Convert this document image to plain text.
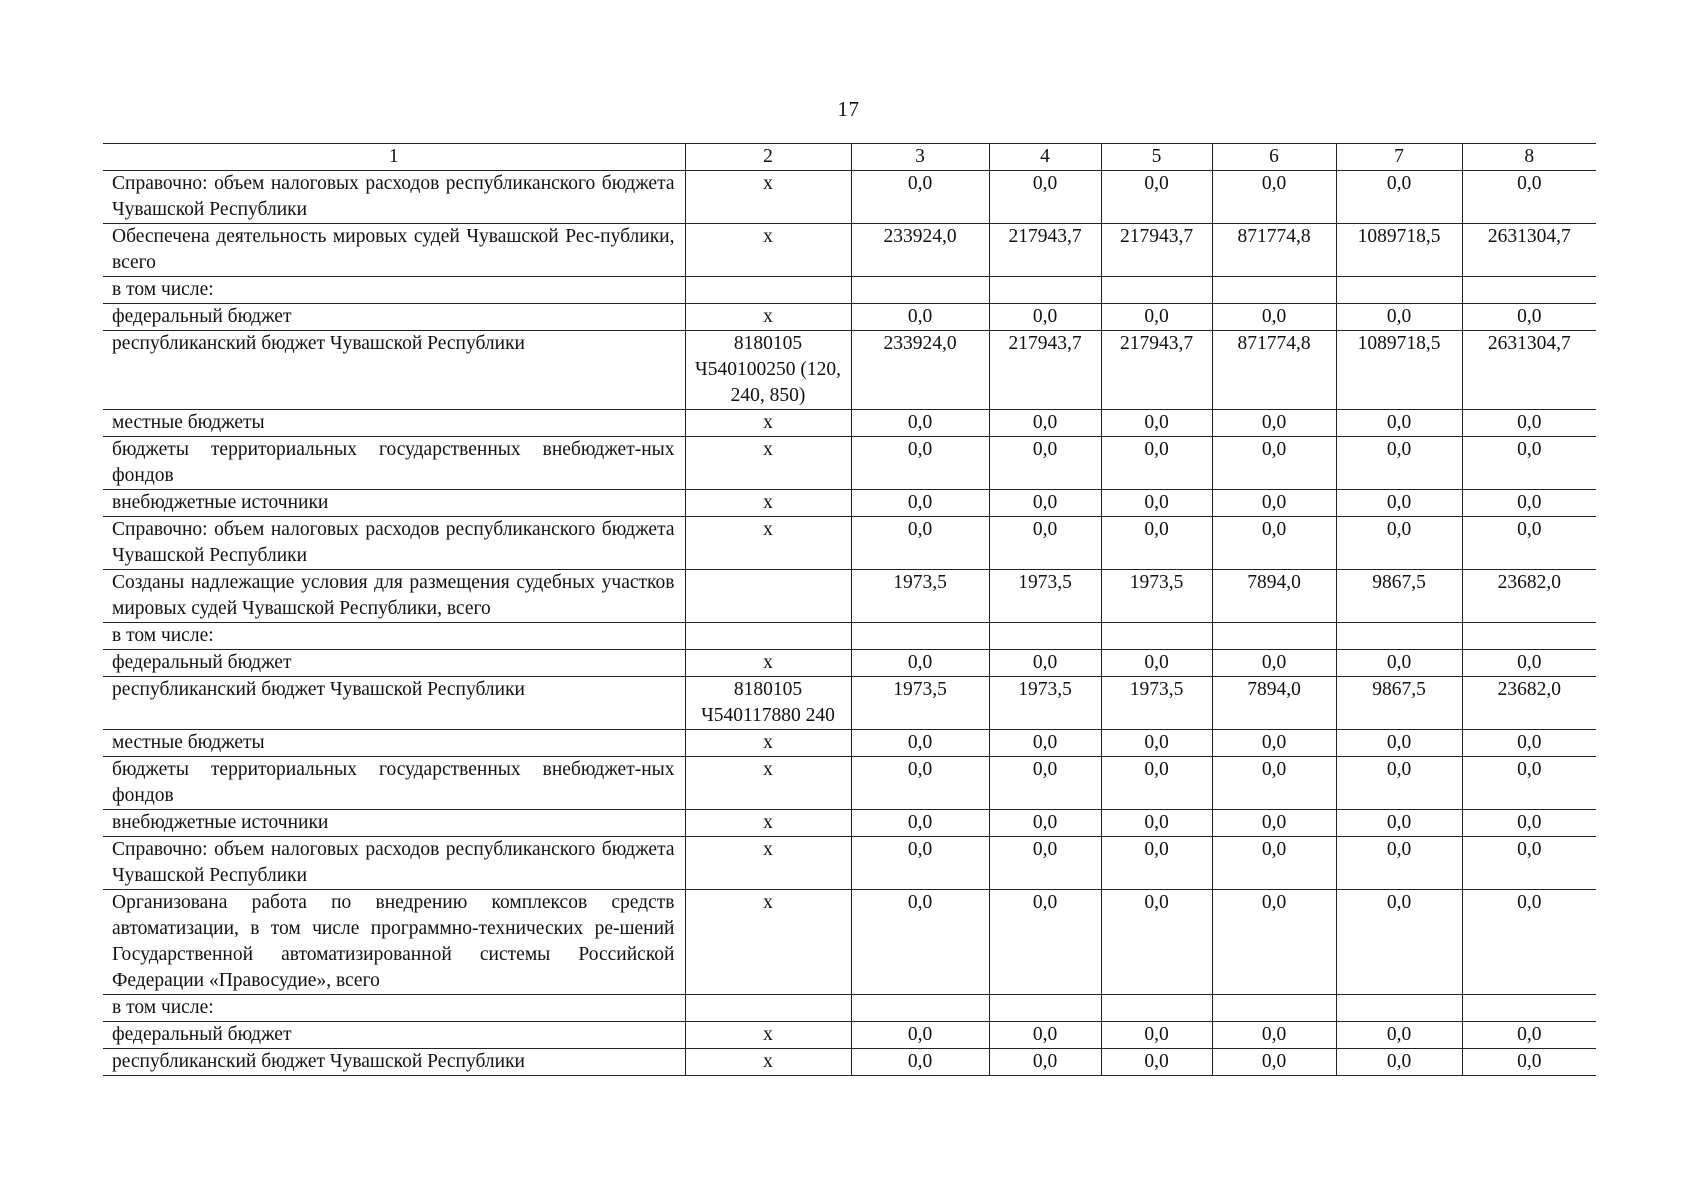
17
1	2	3	4	5	6	7	8
Справочно: объем налоговых расходов республиканского бюджета Чувашской Республики	х	0,0	0,0	0,0	0,0	0,0	0,0
Обеспечена деятельность мировых судей Чувашской Рес-публики, всего	х	233924,0	217943,7	217943,7	871774,8	1089718,5	2631304,7
в том числе:							
федеральный бюджет	х	0,0	0,0	0,0	0,0	0,0	0,0
республиканский бюджет Чувашской Республики	8180105 Ч540100250 (120, 240, 850)	233924,0	217943,7	217943,7	871774,8	1089718,5	2631304,7
местные бюджеты	х	0,0	0,0	0,0	0,0	0,0	0,0
бюджеты территориальных государственных внебюджет-ных фондов	х	0,0	0,0	0,0	0,0	0,0	0,0
внебюджетные источники	х	0,0	0,0	0,0	0,0	0,0	0,0
Справочно: объем налоговых расходов республиканского бюджета Чувашской Республики	х	0,0	0,0	0,0	0,0	0,0	0,0
Созданы надлежащие условия для размещения судебных участков мировых судей Чувашской Республики, всего		1973,5	1973,5	1973,5	7894,0	9867,5	23682,0
в том числе:							
федеральный бюджет	х	0,0	0,0	0,0	0,0	0,0	0,0
республиканский бюджет Чувашской Республики	8180105 Ч540117880 240	1973,5	1973,5	1973,5	7894,0	9867,5	23682,0
местные бюджеты	х	0,0	0,0	0,0	0,0	0,0	0,0
бюджеты территориальных государственных внебюджет-ных фондов	х	0,0	0,0	0,0	0,0	0,0	0,0
внебюджетные источники	х	0,0	0,0	0,0	0,0	0,0	0,0
Справочно: объем налоговых расходов республиканского бюджета Чувашской Республики	х	0,0	0,0	0,0	0,0	0,0	0,0
Организована работа по внедрению комплексов средств автоматизации, в том числе программно-технических ре-шений Государственной автоматизированной системы Российской Федерации «Правосудие», всего	х	0,0	0,0	0,0	0,0	0,0	0,0
в том числе:							
федеральный бюджет	х	0,0	0,0	0,0	0,0	0,0	0,0
республиканский бюджет Чувашской Республики	х	0,0	0,0	0,0	0,0	0,0	0,0
